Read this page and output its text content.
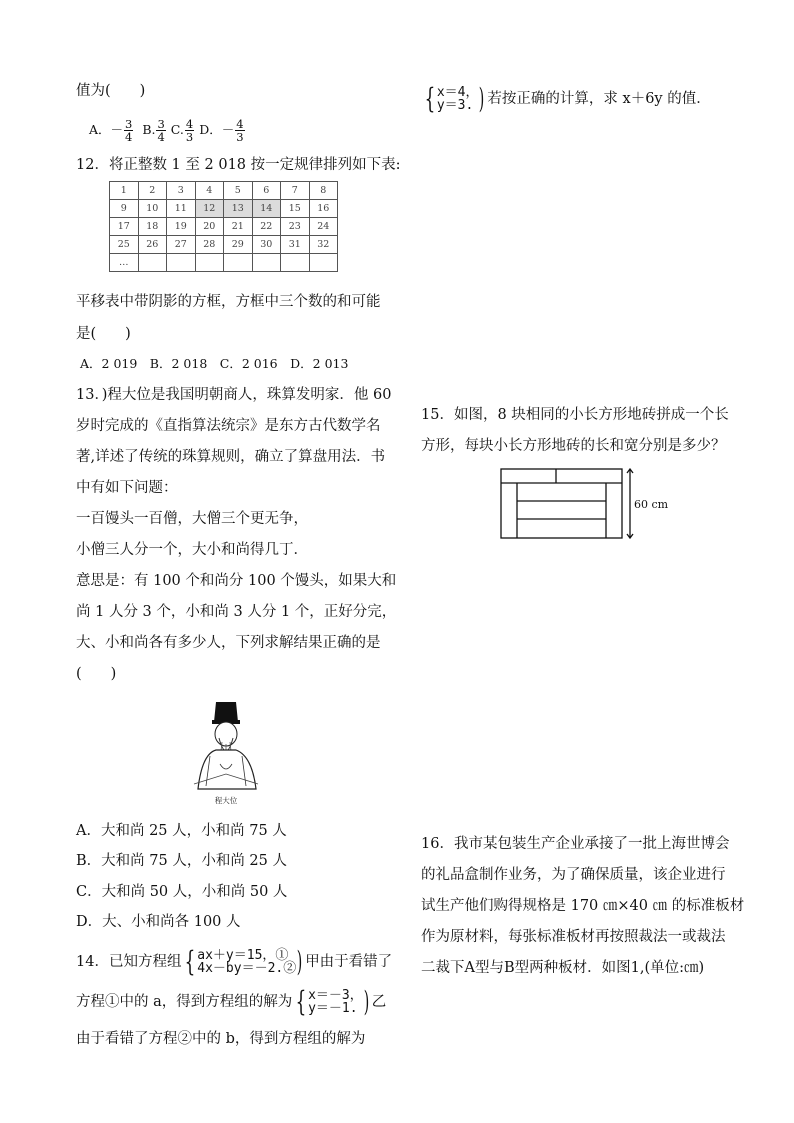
值为(　　)
A．－ $\frac{3}{4} B$. $\frac{3}{4} C$. $\frac{4}{3}$ D．－ $\frac{4}{3}$
12．将正整数 1 至 2 018 按一定规律排列如下表:
1	2	3	4	5	6	7	8
9	10	11	12	13	14	15	16
17	18	19	20	21	22	23	24
25	26	27	28	29	30	31	32
…							
平移表中带阴影的方框，方框中三个数的和可能
是(　　)
A．2 019　B．2 018　C．2 016　D．2 013
13．)程大位是我国明朝商人，珠算发明家．他 60
岁时完成的《直指算法统宗》是东方古代数学名
著,详述了传统的珠算规则，确立了算盘用法．书
中有如下问题：
一百馒头一百僧，大僧三个更无争，
小僧三人分一个，大小和尚得几丁．
意思是：有 100 个和尚分 100 个馒头，如果大和
尚 1 人分 3 个，小和尚 3 人分 1 个，正好分完，
大、小和尚各有多少人，下列求解结果正确的是
(　　)
程大位
A．大和尚 25 人，小和尚 75 人
B．大和尚 75 人，小和尚 25 人
C．大和尚 50 人，小和尚 50 人
D．大、小和尚各 100 人
14．已知方程组 { ax＋y＝15，①
4x－by＝－2.② ) 甲由于看错了
方程①中的 a，得到方程组的解为 { x＝－3，
y＝－1. ) 乙
由于看错了方程②中的 b，得到方程组的解为
{ x＝4，
y＝3. ) 若按正确的计算，求 x＋6y 的值．
15．如图，8 块相同的小长方形地砖拼成一个长
方形，每块小长方形地砖的长和宽分别是多少？
60 cm
16．我市某包装生产企业承接了一批上海世博会
的礼品盒制作业务，为了确保质量，该企业进行
试生产他们购得规格是 170 ㎝×40 ㎝ 的标准板材
作为原材料，每张标准板材再按照裁法一或裁法
二裁下A型与B型两种板材．如图1,(单位:㎝)
